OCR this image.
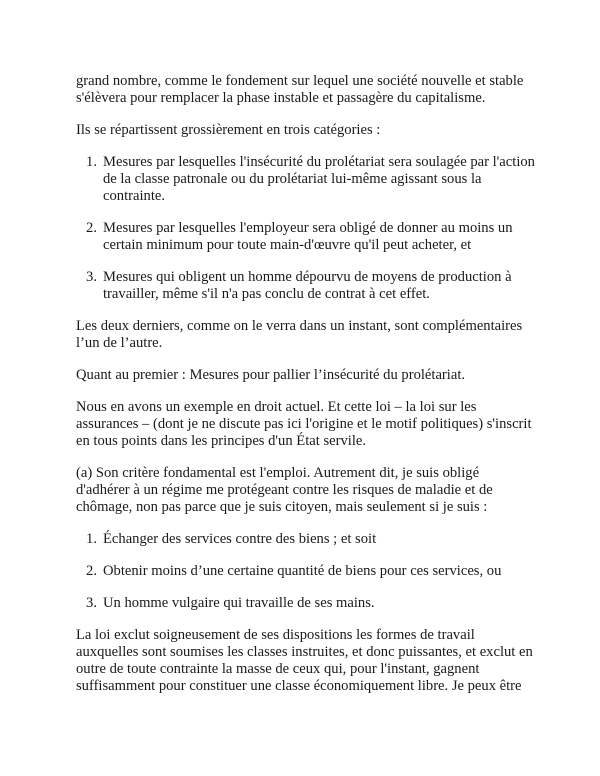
grand nombre, comme le fondement sur lequel une société nouvelle et stable s'élèvera pour remplacer la phase instable et passagère du capitalisme.

Ils se répartissent grossièrement en trois catégories :

1. Mesures par lesquelles l'insécurité du prolétariat sera soulagée par l'action de la classe patronale ou du prolétariat lui-même agissant sous la contrainte.
2. Mesures par lesquelles l'employeur sera obligé de donner au moins un certain minimum pour toute main-d'œuvre qu'il peut acheter, et
3. Mesures qui obligent un homme dépourvu de moyens de production à travailler, même s'il n'a pas conclu de contrat à cet effet.

Les deux derniers, comme on le verra dans un instant, sont complémentaires l’un de l’autre.

Quant au premier : Mesures pour pallier l’insécurité du prolétariat.

Nous en avons un exemple en droit actuel. Et cette loi – la loi sur les assurances – (dont je ne discute pas ici l'origine et le motif politiques) s'inscrit en tous points dans les principes d'un État servile.

(a) Son critère fondamental est l'emploi. Autrement dit, je suis obligé d'adhérer à un régime me protégeant contre les risques de maladie et de chômage, non pas parce que je suis citoyen, mais seulement si je suis :

1. Échanger des services contre des biens ; et soit
2. Obtenir moins d’une certaine quantité de biens pour ces services, ou
3. Un homme vulgaire qui travaille de ses mains.

La loi exclut soigneusement de ses dispositions les formes de travail auxquelles sont soumises les classes instruites, et donc puissantes, et exclut en outre de toute contrainte la masse de ceux qui, pour l'instant, gagnent suffisamment pour constituer une classe économiquement libre. Je peux être
